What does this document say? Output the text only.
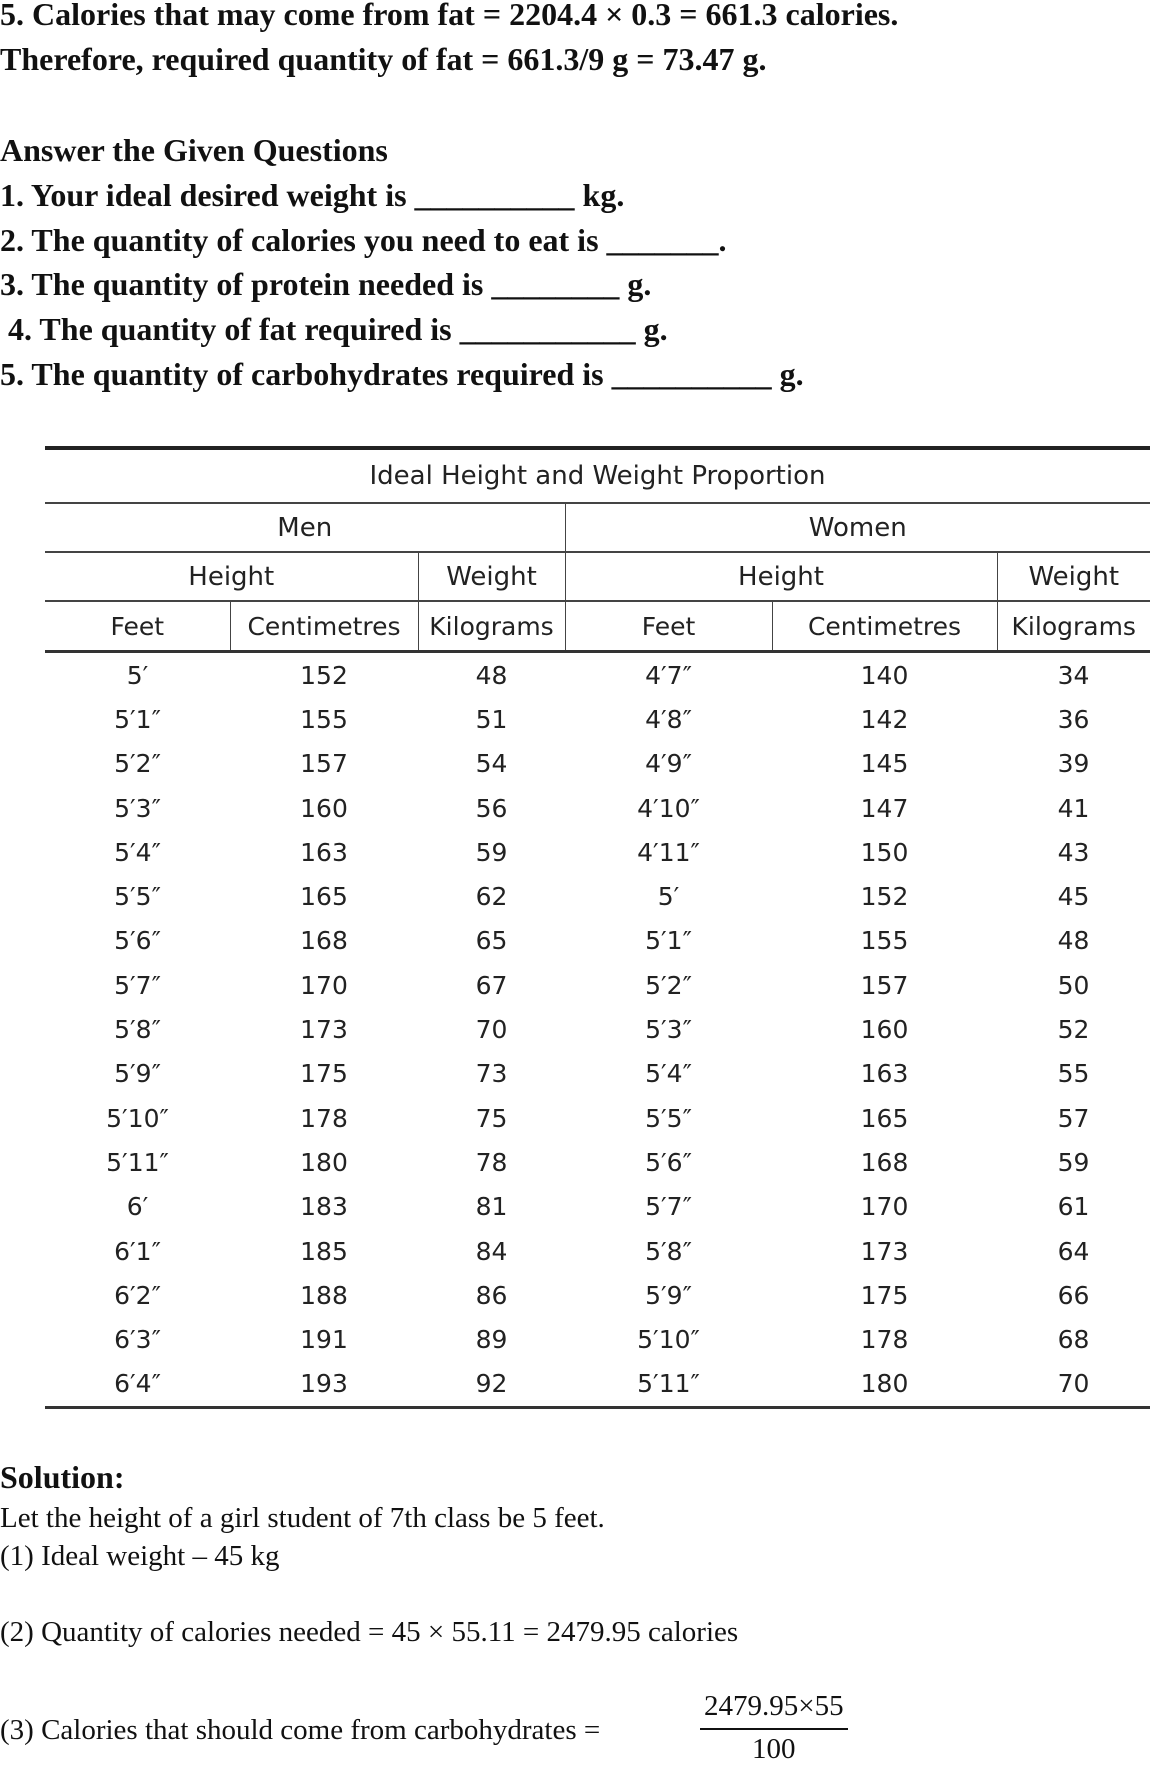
5. Calories that may come from fat = 2204.4 × 0.3 = 661.3 calories.
Therefore, required quantity of fat = 661.3/9 g = 73.47 g.
Answer the Given Questions
1. Your ideal desired weight is __________ kg.
2. The quantity of calories you need to eat is _______.
3. The quantity of protein needed is ________ g.
4. The quantity of fat required is ___________ g.
5. The quantity of carbohydrates required is __________ g.
Ideal Height and Weight Proportion					
Men			Women		
Height		Weight	Height		Weight
Feet	Centimetres	Kilograms	Feet	Centimetres	Kilograms
5′	152	48	4′7″	140	34
5′1″	155	51	4′8″	142	36
5′2″	157	54	4′9″	145	39
5′3″	160	56	4′10″	147	41
5′4″	163	59	4′11″	150	43
5′5″	165	62	5′	152	45
5′6″	168	65	5′1″	155	48
5′7″	170	67	5′2″	157	50
5′8″	173	70	5′3″	160	52
5′9″	175	73	5′4″	163	55
5′10″	178	75	5′5″	165	57
5′11″	180	78	5′6″	168	59
6′	183	81	5′7″	170	61
6′1″	185	84	5′8″	173	64
6′2″	188	86	5′9″	175	66
6′3″	191	89	5′10″	178	68
6′4″	193	92	5′11″	180	70
Solution:
Let the height of a girl student of 7th class be 5 feet.
(1) Ideal weight – 45 kg
(2) Quantity of calories needed = 45 × 55.11 = 2479.95 calories
(3) Calories that should come from carbohydrates =	$\frac{2479.95\times 55}{100}$
